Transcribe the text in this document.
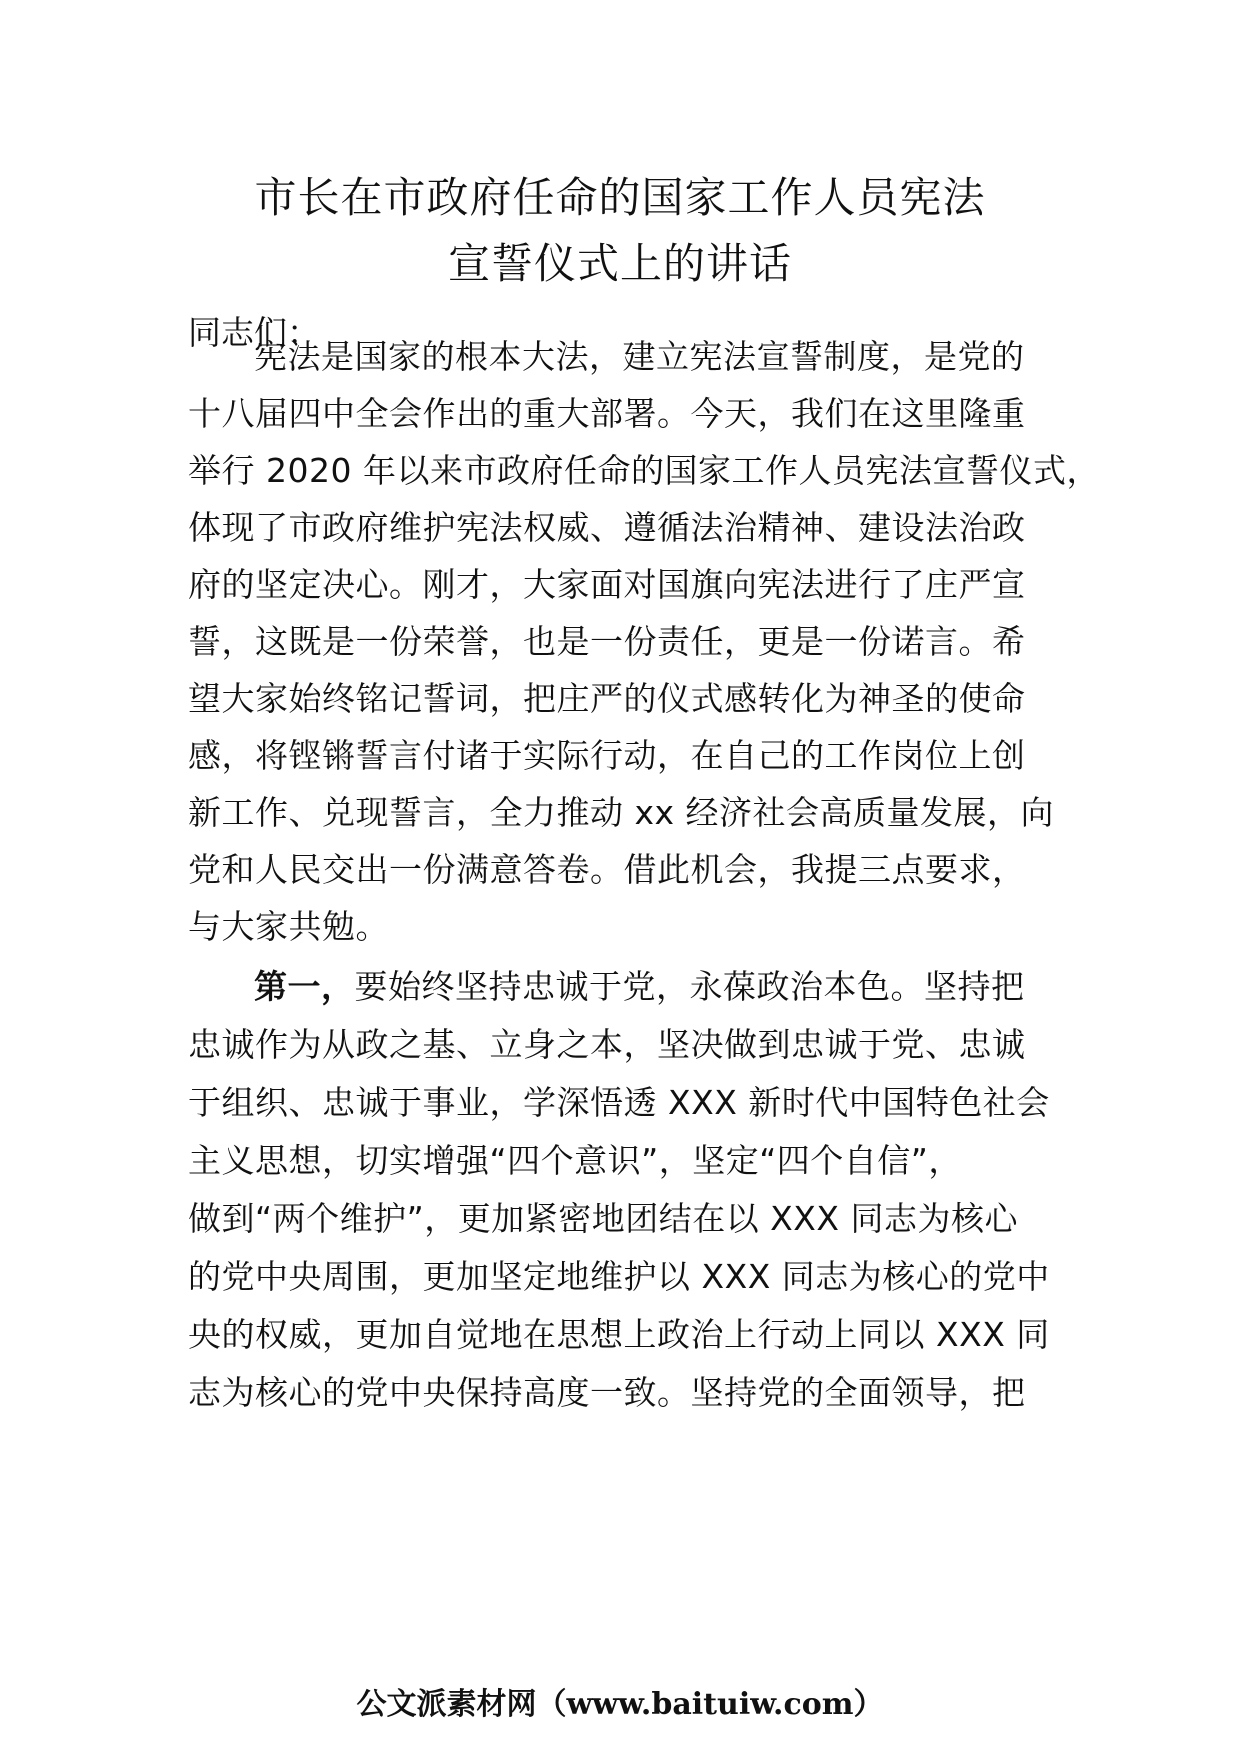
市长在市政府任命的国家工作人员宪法
宣誓仪式上的讲话
同志们：
宪法是国家的根本大法，建立宪法宣誓制度，是党的
十八届四中全会作出的重大部署。今天，我们在这里隆重
举行 2020 年以来市政府任命的国家工作人员宪法宣誓仪式，
体现了市政府维护宪法权威、遵循法治精神、建设法治政
府的坚定决心。刚才，大家面对国旗向宪法进行了庄严宣
誓，这既是一份荣誉，也是一份责任，更是一份诺言。希
望大家始终铭记誓词，把庄严的仪式感转化为神圣的使命
感，将铿锵誓言付诸于实际行动，在自己的工作岗位上创
新工作、兑现誓言，全力推动 xx 经济社会高质量发展，向
党和人民交出一份满意答卷。借此机会，我提三点要求，
与大家共勉。
第一，要始终坚持忠诚于党，永葆政治本色。坚持把
忠诚作为从政之基、立身之本，坚决做到忠诚于党、忠诚
于组织、忠诚于事业，学深悟透 XXX 新时代中国特色社会
主义思想，切实增强“四个意识”，坚定“四个自信”，
做到“两个维护”，更加紧密地团结在以 XXX 同志为核心
的党中央周围，更加坚定地维护以 XXX 同志为核心的党中
央的权威，更加自觉地在思想上政治上行动上同以 XXX 同
志为核心的党中央保持高度一致。坚持党的全面领导，把
公文派素材网（www.baituiw.com）
